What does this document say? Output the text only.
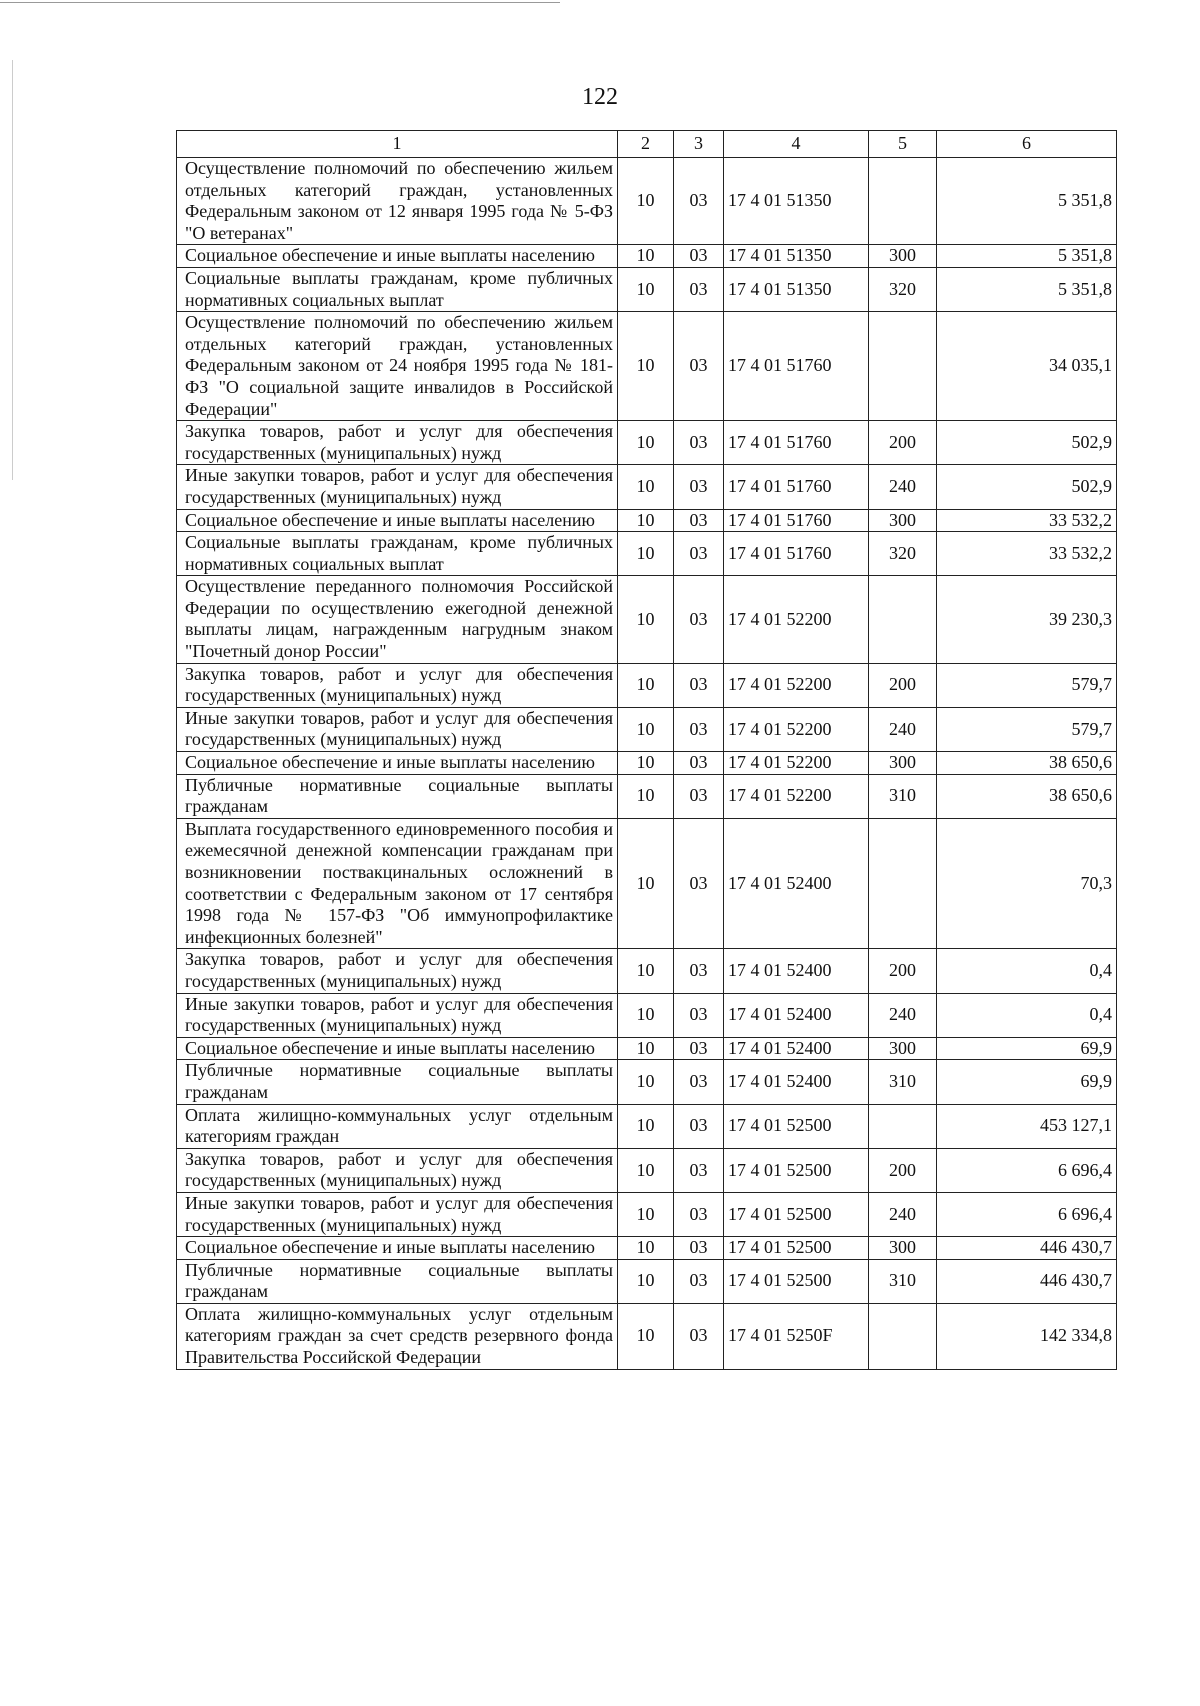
122
1	2	3	4	5	6
Осуществление полномочий по обеспечению жильем отдельных категорий граждан, установленных Федеральным законом от 12 января 1995 года № 5-ФЗ "О ветеранах"	10	03	17 4 01 51350		5 351,8
Социальное обеспечение и иные выплаты населению	10	03	17 4 01 51350	300	5 351,8
Социальные выплаты гражданам, кроме публичных нормативных социальных выплат	10	03	17 4 01 51350	320	5 351,8
Осуществление полномочий по обеспечению жильем отдельных категорий граждан, установленных Федеральным законом от 24 ноября 1995 года № 181-ФЗ "О социальной защите инвалидов в Российской Федерации"	10	03	17 4 01 51760		34 035,1
Закупка товаров, работ и услуг для обеспечения государственных (муниципальных) нужд	10	03	17 4 01 51760	200	502,9
Иные закупки товаров, работ и услуг для обеспечения государственных (муниципальных) нужд	10	03	17 4 01 51760	240	502,9
Социальное обеспечение и иные выплаты населению	10	03	17 4 01 51760	300	33 532,2
Социальные выплаты гражданам, кроме публичных нормативных социальных выплат	10	03	17 4 01 51760	320	33 532,2
Осуществление переданного полномочия Российской Федерации по осуществлению ежегодной денежной выплаты лицам, награжденным нагрудным знаком "Почетный донор России"	10	03	17 4 01 52200		39 230,3
Закупка товаров, работ и услуг для обеспечения государственных (муниципальных) нужд	10	03	17 4 01 52200	200	579,7
Иные закупки товаров, работ и услуг для обеспечения государственных (муниципальных) нужд	10	03	17 4 01 52200	240	579,7
Социальное обеспечение и иные выплаты населению	10	03	17 4 01 52200	300	38 650,6
Публичные нормативные социальные выплаты гражданам	10	03	17 4 01 52200	310	38 650,6
Выплата государственного единовременного пособия и ежемесячной денежной компенсации гражданам при возникновении поствакцинальных осложнений в соответствии с Федеральным законом от 17 сентября 1998 года № 157-ФЗ "Об иммунопрофилактике инфекционных болезней"	10	03	17 4 01 52400		70,3
Закупка товаров, работ и услуг для обеспечения государственных (муниципальных) нужд	10	03	17 4 01 52400	200	0,4
Иные закупки товаров, работ и услуг для обеспечения государственных (муниципальных) нужд	10	03	17 4 01 52400	240	0,4
Социальное обеспечение и иные выплаты населению	10	03	17 4 01 52400	300	69,9
Публичные нормативные социальные выплаты гражданам	10	03	17 4 01 52400	310	69,9
Оплата жилищно-коммунальных услуг отдельным категориям граждан	10	03	17 4 01 52500		453 127,1
Закупка товаров, работ и услуг для обеспечения государственных (муниципальных) нужд	10	03	17 4 01 52500	200	6 696,4
Иные закупки товаров, работ и услуг для обеспечения государственных (муниципальных) нужд	10	03	17 4 01 52500	240	6 696,4
Социальное обеспечение и иные выплаты населению	10	03	17 4 01 52500	300	446 430,7
Публичные нормативные социальные выплаты гражданам	10	03	17 4 01 52500	310	446 430,7
Оплата жилищно-коммунальных услуг отдельным категориям граждан за счет средств резервного фонда Правительства Российской Федерации	10	03	17 4 01 5250F		142 334,8
